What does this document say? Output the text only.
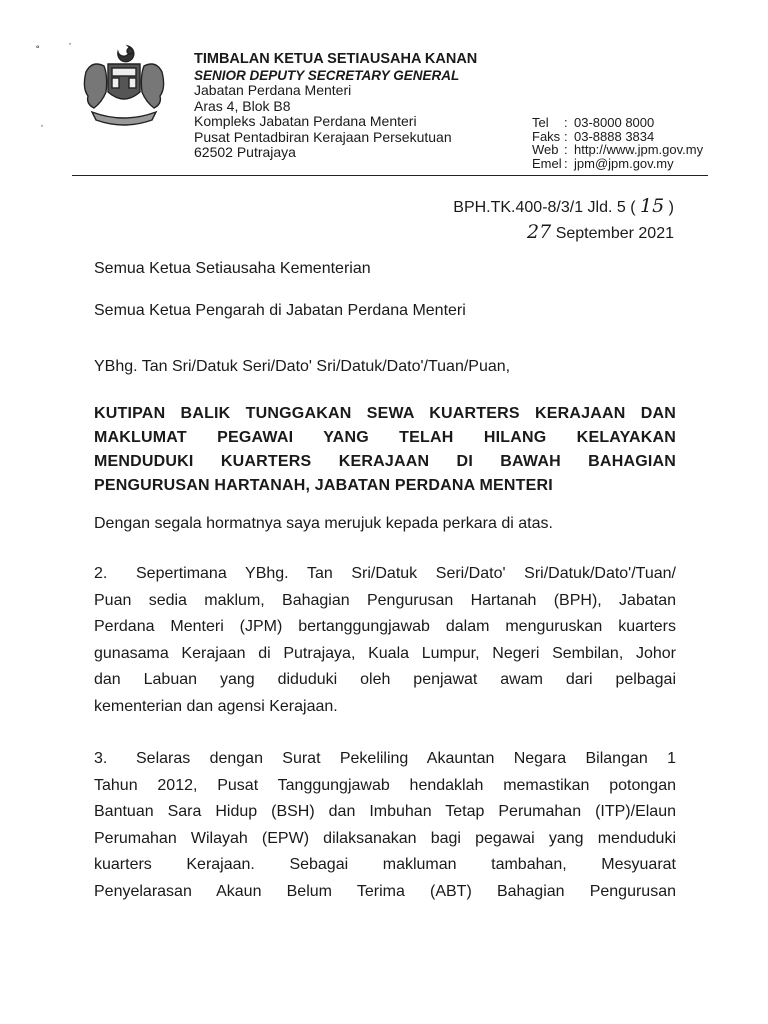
˚
·
·
TIMBALAN KETUA SETIAUSAHA KANAN
SENIOR DEPUTY SECRETARY GENERAL
Jabatan Perdana Menteri
Aras 4, Blok B8
Kompleks Jabatan Perdana Menteri
Pusat Pentadbiran Kerajaan Persekutuan
62502 Putrajaya
Tel	: 03-8000 8000
Faks : 03-8888 3834
Web : http://www.jpm.gov.my
Emel : jpm@jpm.gov.my
BPH.TK.400-8/3/1 Jld. 5 ( 15 )
27 September 2021

Semua Ketua Setiausaha Kementerian

Semua Ketua Pengarah di Jabatan Perdana Menteri

YBhg. Tan Sri/Datuk Seri/Dato' Sri/Datuk/Dato'/Tuan/Puan,

KUTIPAN BALIK TUNGGAKAN SEWA KUARTERS KERAJAAN DAN
MAKLUMAT PEGAWAI YANG TELAH HILANG KELAYAKAN
MENDUDUKI KUARTERS KERAJAAN DI BAWAH BAHAGIAN
PENGURUSAN HARTANAH, JABATAN PERDANA MENTERI

Dengan segala hormatnya saya merujuk kepada perkara di atas.

2. Sepertimana YBhg. Tan Sri/Datuk Seri/Dato' Sri/Datuk/Dato'/Tuan/
Puan sedia maklum, Bahagian Pengurusan Hartanah (BPH), Jabatan
Perdana Menteri (JPM) bertanggungjawab dalam menguruskan kuarters
gunasama Kerajaan di Putrajaya, Kuala Lumpur, Negeri Sembilan, Johor
dan Labuan yang diduduki oleh penjawat awam dari pelbagai
kementerian dan agensi Kerajaan.
3. Selaras dengan Surat Pekeliling Akauntan Negara Bilangan 1
Tahun 2012, Pusat Tanggungjawab hendaklah memastikan potongan
Bantuan Sara Hidup (BSH) dan Imbuhan Tetap Perumahan (ITP)/Elaun
Perumahan Wilayah (EPW) dilaksanakan bagi pegawai yang menduduki
kuarters Kerajaan. Sebagai makluman tambahan, Mesyuarat
Penyelarasan Akaun Belum Terima (ABT) Bahagian Pengurusan
